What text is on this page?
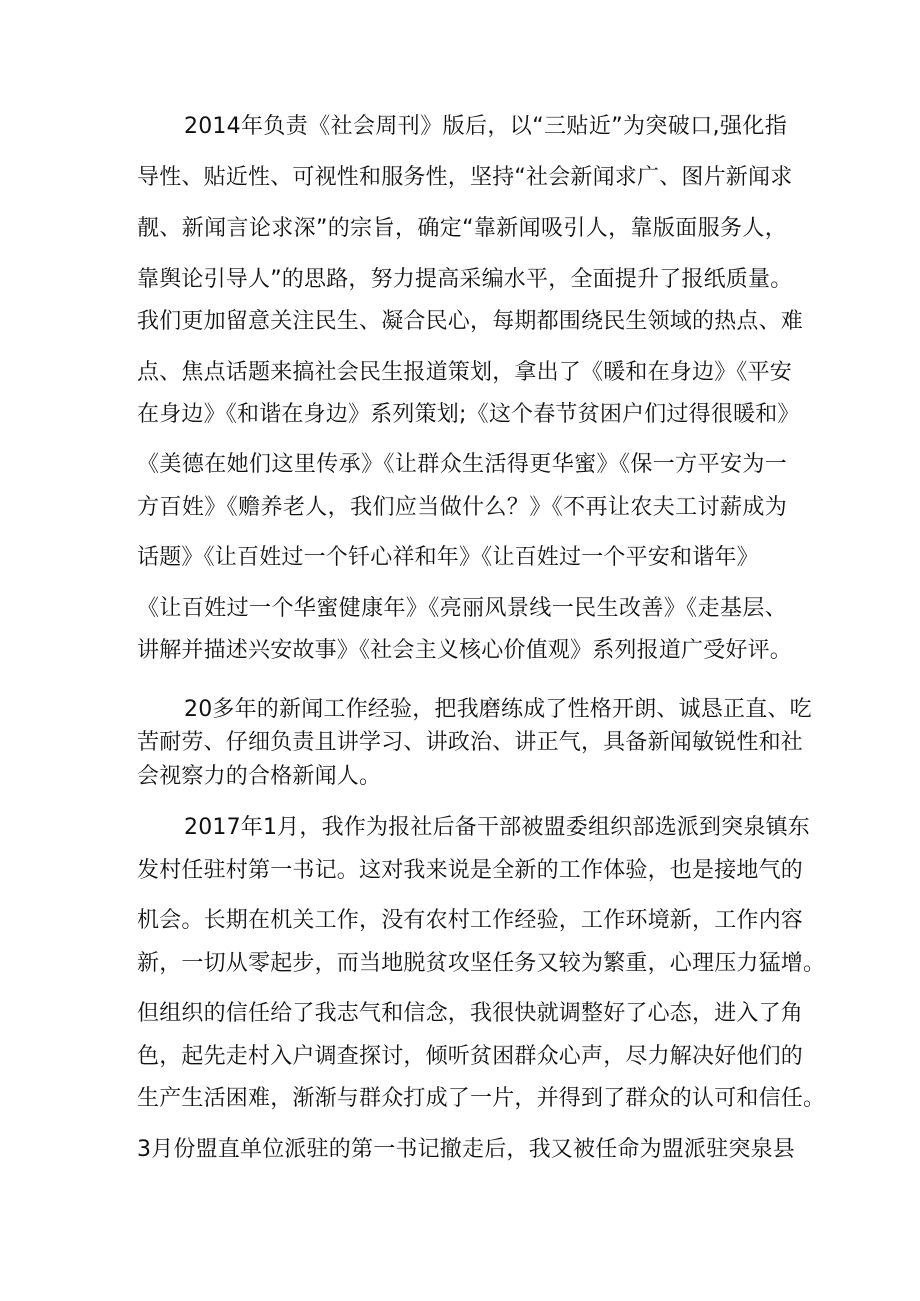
2014年负责《社会周刊》版后，以“三贴近”为突破口,强化指
导性、贴近性、可视性和服务性，坚持“社会新闻求广、图片新闻求
靓、新闻言论求深”的宗旨，确定“靠新闻吸引人，靠版面服务人，
靠舆论引导人”的思路，努力提高采编水平，全面提升了报纸质量。
我们更加留意关注民生、凝合民心，每期都围绕民生领域的热点、难
点、焦点话题来搞社会民生报道策划，拿出了《暖和在身边》《平安
在身边》《和谐在身边》系列策划;《这个春节贫困户们过得很暖和》
《美德在她们这里传承》《让群众生活得更华蜜》《保一方平安为一
方百姓》《赡养老人，我们应当做什么？》《不再让农夫工讨薪成为
话题》《让百姓过一个钎心祥和年》《让百姓过一个平安和谐年》
《让百姓过一个华蜜健康年》《亮丽风景线一民生改善》《走基层、
讲解并描述兴安故事》《社会主义核心价值观》系列报道广受好评。
20多年的新闻工作经验，把我磨练成了性格开朗、诚恳正直、吃
苦耐劳、仔细负责且讲学习、讲政治、讲正气，具备新闻敏锐性和社
会视察力的合格新闻人。
2017年1月，我作为报社后备干部被盟委组织部选派到突泉镇东
发村任驻村第一书记。这对我来说是全新的工作体验，也是接地气的
机会。长期在机关工作，没有农村工作经验，工作环境新，工作内容
新，一切从零起步，而当地脱贫攻坚任务又较为繁重，心理压力猛增。
但组织的信任给了我志气和信念，我很快就调整好了心态，进入了角
色，起先走村入户调查探讨，倾听贫困群众心声，尽力解决好他们的
生产生活困难，渐渐与群众打成了一片，并得到了群众的认可和信任。
3月份盟直单位派驻的第一书记撤走后，我又被任命为盟派驻突泉县
